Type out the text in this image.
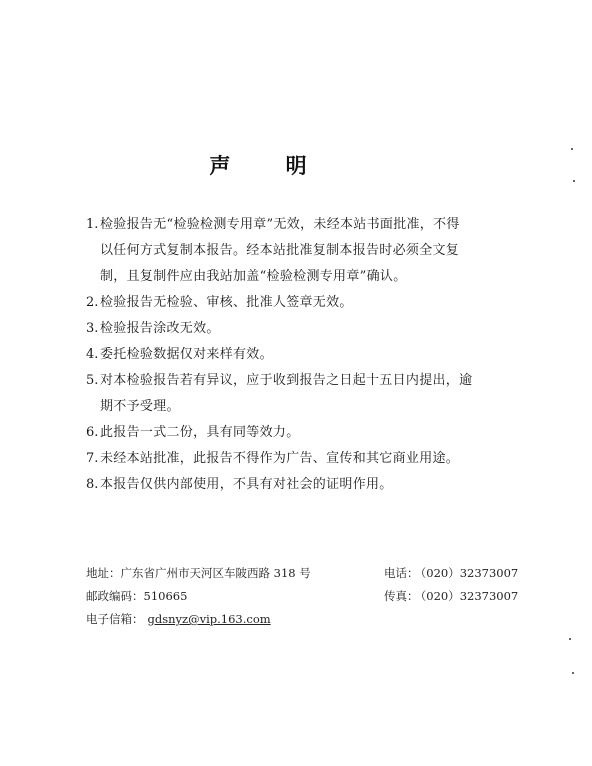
声 明
1. 检验报告无“检验检测专用章”无效，未经本站书面批准，不得
以任何方式复制本报告。经本站批准复制本报告时必须全文复
制，且复制件应由我站加盖“检验检测专用章”确认。
2. 检验报告无检验、审核、批准人签章无效。
3. 检验报告涂改无效。
4. 委托检验数据仅对来样有效。
5. 对本检验报告若有异议，应于收到报告之日起十五日内提出，逾
期不予受理。
6. 此报告一式二份，具有同等效力。
7. 未经本站批准，此报告不得作为广告、宣传和其它商业用途。
8. 本报告仅供内部使用，不具有对社会的证明作用。
地址：广东省广州市天河区车陂西路 318 号	电话： （020）32373007
邮政编码：510665	传真： （020）32373007
电子信箱： gdsnyz@vip.163.com
